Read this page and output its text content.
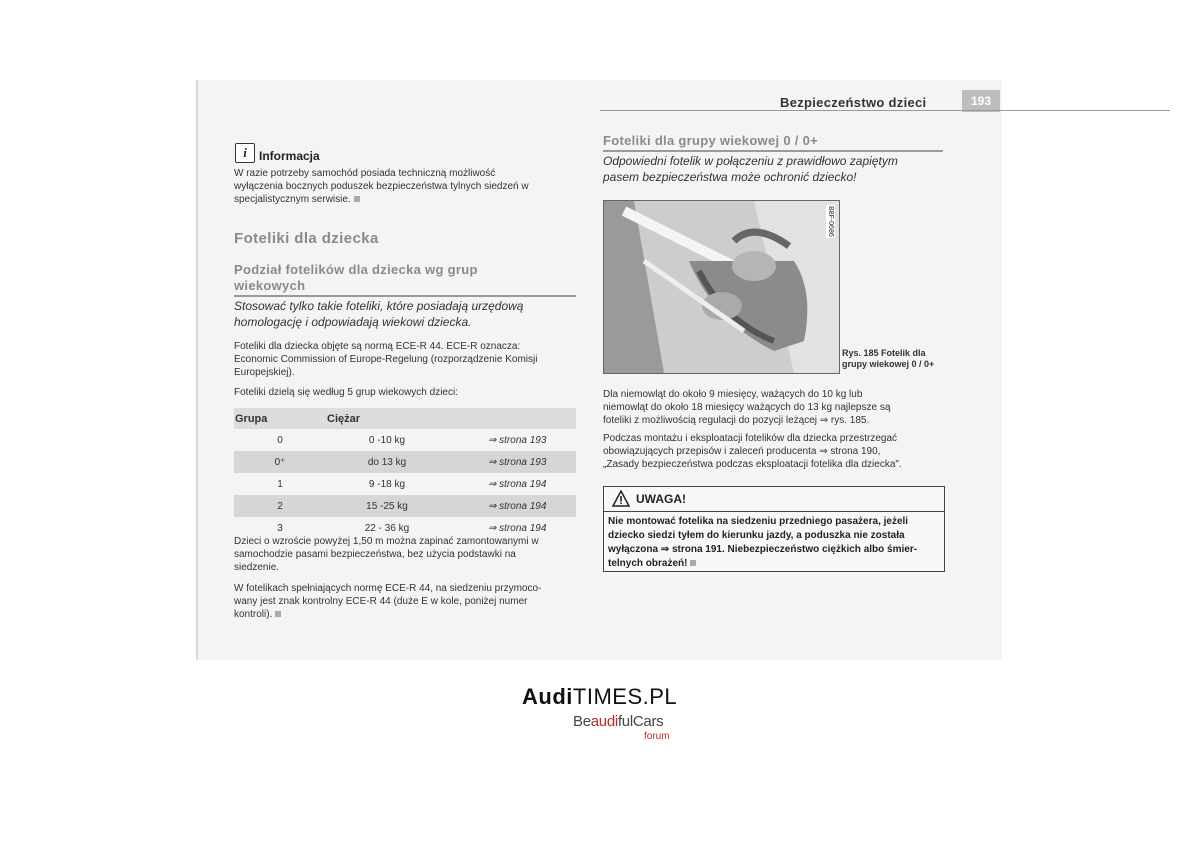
Bezpieczeństwo dzieci	193
i	Informacja
W razie potrzeby samochód posiada techniczną możliwość
wyłączenia bocznych poduszek bezpieczeństwa tylnych siedzeń w
specjalistycznym serwisie.
Foteliki dla dziecka
Podział fotelików dla dziecka wg grup
wiekowych
Stosować tylko takie foteliki, które posiadają urzędową
homologację i odpowiadają wiekowi dziecka.
Foteliki dla dziecka objęte są normą ECE-R 44. ECE-R oznacza:
Economic Commission of Europe-Regelung (rozporządzenie Komisji
Europejskiej).
Foteliki dzielą się według 5 grup wiekowych dzieci:
Grupa	Ciężar	
0	0 -10 kg	⇒ strona 193
0⁺	do 13 kg	⇒ strona 193
1	9 -18 kg	⇒ strona 194
2	15 -25 kg	⇒ strona 194
3	22 - 36 kg	⇒ strona 194
Dzieci o wzroście powyżej 1,50 m można zapinać zamontowanymi w
samochodzie pasami bezpieczeństwa, bez użycia podstawki na
siedzenie.
W fotelikach spełniających normę ECE-R 44, na siedzeniu przymoco-
wany jest znak kontrolny ECE-R 44 (duże E w kole, poniżej numer
kontroli).
Foteliki dla grupy wiekowej 0 / 0+
Odpowiedni fotelik w połączeniu z prawidłowo zapiętym
pasem bezpieczeństwa może ochronić dziecko!
B8F-0686
Rys. 185 Fotelik dla
grupy wiekowej 0 / 0+
Dla niemowląt do około 9 miesięcy, ważących do 10 kg lub
niemowląt do około 18 miesięcy ważących do 13 kg najlepsze są
foteliki z możliwością regulacji do pozycji leżącej ⇒ rys. 185.
Podczas montażu i eksploatacji fotelików dla dziecka przestrzegać
obowiązujących przepisów i zaleceń producenta ⇒ strona 190,
„Zasady bezpieczeństwa podczas eksploatacji fotelika dla dziecka".
UWAGA!
Nie montować fotelika na siedzeniu przedniego pasażera, jeżeli
dziecko siedzi tyłem do kierunku jazdy, a poduszka nie została
wyłączona ⇒ strona 191. Niebezpieczeństwo ciężkich albo śmier-
telnych obrażeń!
AudiTIMES.PL
BeaudifulCars
forum
